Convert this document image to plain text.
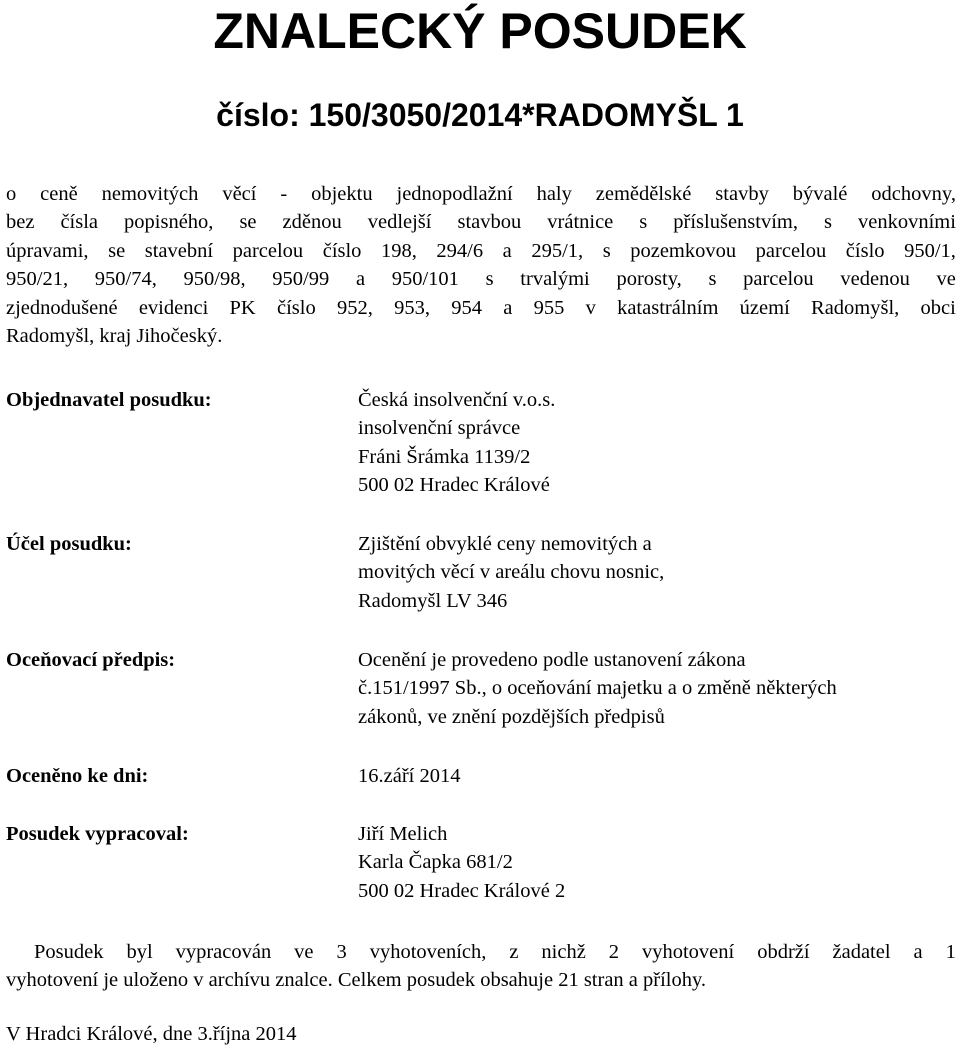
ZNALECKÝ POSUDEK
číslo: 150/3050/2014*RADOMYŠL 1
o ceně nemovitých věcí - objektu jednopodlažní haly zemědělské stavby bývalé odchovny,
bez čísla popisného, se zděnou vedlejší stavbou vrátnice s příslušenstvím, s venkovními
úpravami, se stavební parcelou číslo 198, 294/6 a 295/1, s pozemkovou parcelou číslo 950/1,
950/21, 950/74, 950/98, 950/99 a 950/101 s trvalými porosty, s parcelou vedenou ve
zjednodušené evidenci PK číslo 952, 953, 954 a 955 v katastrálním území Radomyšl, obci
Radomyšl, kraj Jihočeský.
Objednavatel posudku:	Česká insolvenční v.o.s.
insolvenční správce
Fráni Šrámka 1139/2
500 02 Hradec Králové
Účel posudku:	Zjištění obvyklé ceny nemovitých a
movitých věcí v areálu chovu nosnic,
Radomyšl LV 346
Oceňovací předpis:	Ocenění je provedeno podle ustanovení zákona
č.151/1997 Sb., o oceňování majetku a o změně některých
zákonů, ve znění pozdějších předpisů
Oceněno ke dni:	16.září 2014
Posudek vypracoval:	Jiří Melich
Karla Čapka 681/2
500 02 Hradec Králové 2
Posudek byl vypracován ve 3 vyhotoveních, z nichž 2 vyhotovení obdrží žadatel a 1
vyhotovení je uloženo v archívu znalce. Celkem posudek obsahuje 21 stran a přílohy.
V Hradci Králové, dne 3.října 2014
